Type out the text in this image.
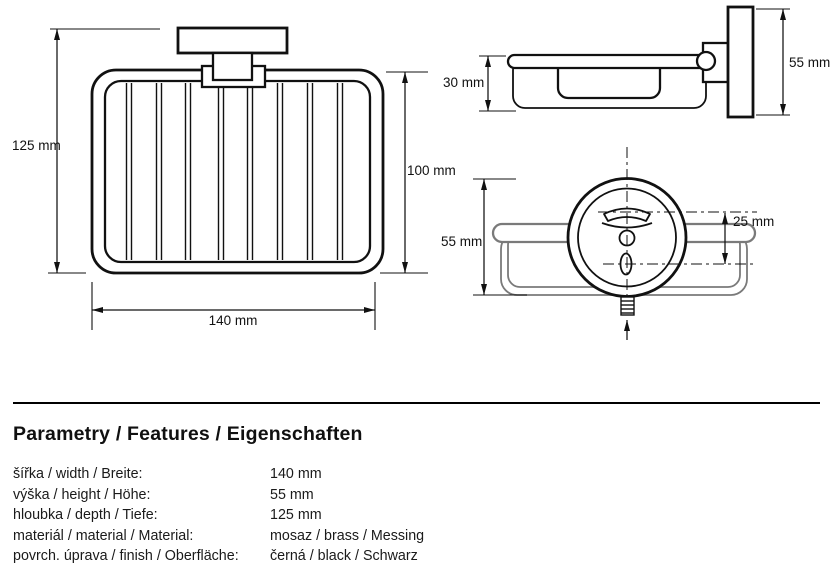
125 mm
140 mm
100 mm
30 mm
55 mm
55 mm
25 mm
Parametry / Features / Eigenschaften
šířka / width / Breite:	140 mm
výška / height / Höhe:	55 mm
hloubka / depth / Tiefe:	125 mm
materiál / material / Material:	mosaz / brass / Messing
povrch. úprava / finish / Oberfläche:	černá / black / Schwarz
